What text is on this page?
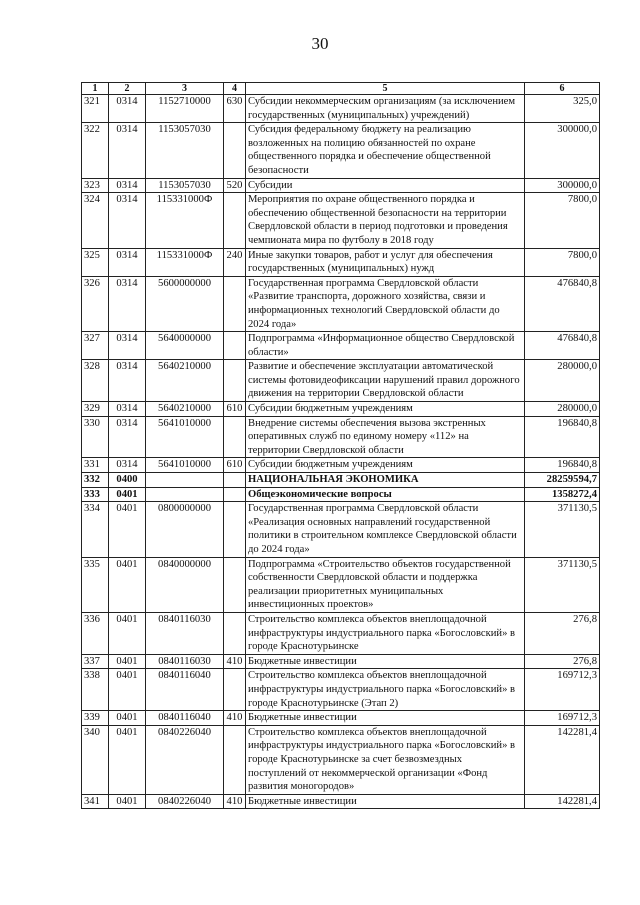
30
1	2	3	4	5	6
321	0314	1152710000	630	Субсидии некоммерческим организациям (за исключением государственных (муниципальных) учреждений)	325,0
322	0314	1153057030		Субсидия федеральному бюджету на реализацию возложенных на полицию обязанностей по охране общественного порядка и обеспечение общественной безопасности	300000,0
323	0314	1153057030	520	Субсидии	300000,0
324	0314	115331000Ф		Мероприятия по охране общественного порядка и обеспечению общественной безопасности на территории Свердловской области в период подготовки и проведения чемпионата мира по футболу в 2018 году	7800,0
325	0314	115331000Ф	240	Иные закупки товаров, работ и услуг для обеспечения государственных (муниципальных) нужд	7800,0
326	0314	5600000000		Государственная программа Свердловской области «Развитие транспорта, дорожного хозяйства, связи и информационных технологий Свердловской области до 2024 года»	476840,8
327	0314	5640000000		Подпрограмма «Информационное общество Свердловской области»	476840,8
328	0314	5640210000		Развитие и обеспечение эксплуатации автоматической системы фотовидеофиксации нарушений правил дорожного движения на территории Свердловской области	280000,0
329	0314	5640210000	610	Субсидии бюджетным учреждениям	280000,0
330	0314	5641010000		Внедрение системы обеспечения вызова экстренных оперативных служб по единому номеру «112» на территории Свердловской области	196840,8
331	0314	5641010000	610	Субсидии бюджетным учреждениям	196840,8
332	0400			НАЦИОНАЛЬНАЯ ЭКОНОМИКА	28259594,7
333	0401			Общеэкономические вопросы	1358272,4
334	0401	0800000000		Государственная программа Свердловской области «Реализация основных направлений государственной политики в строительном комплексе Свердловской области до 2024 года»	371130,5
335	0401	0840000000		Подпрограмма «Строительство объектов государственной собственности Свердловской области и поддержка реализации приоритетных муниципальных инвестиционных проектов»	371130,5
336	0401	0840116030		Строительство комплекса объектов внеплощадочной инфраструктуры индустриального парка «Богословский» в городе Краснотурьинске	276,8
337	0401	0840116030	410	Бюджетные инвестиции	276,8
338	0401	0840116040		Строительство комплекса объектов внеплощадочной инфраструктуры индустриального парка «Богословский» в городе Краснотурьинске (Этап 2)	169712,3
339	0401	0840116040	410	Бюджетные инвестиции	169712,3
340	0401	0840226040		Строительство комплекса объектов внеплощадочной инфраструктуры индустриального парка «Богословский» в городе Краснотурьинске за счет безвозмездных поступлений от некоммерческой организации «Фонд развития моногородов»	142281,4
341	0401	0840226040	410	Бюджетные инвестиции	142281,4
